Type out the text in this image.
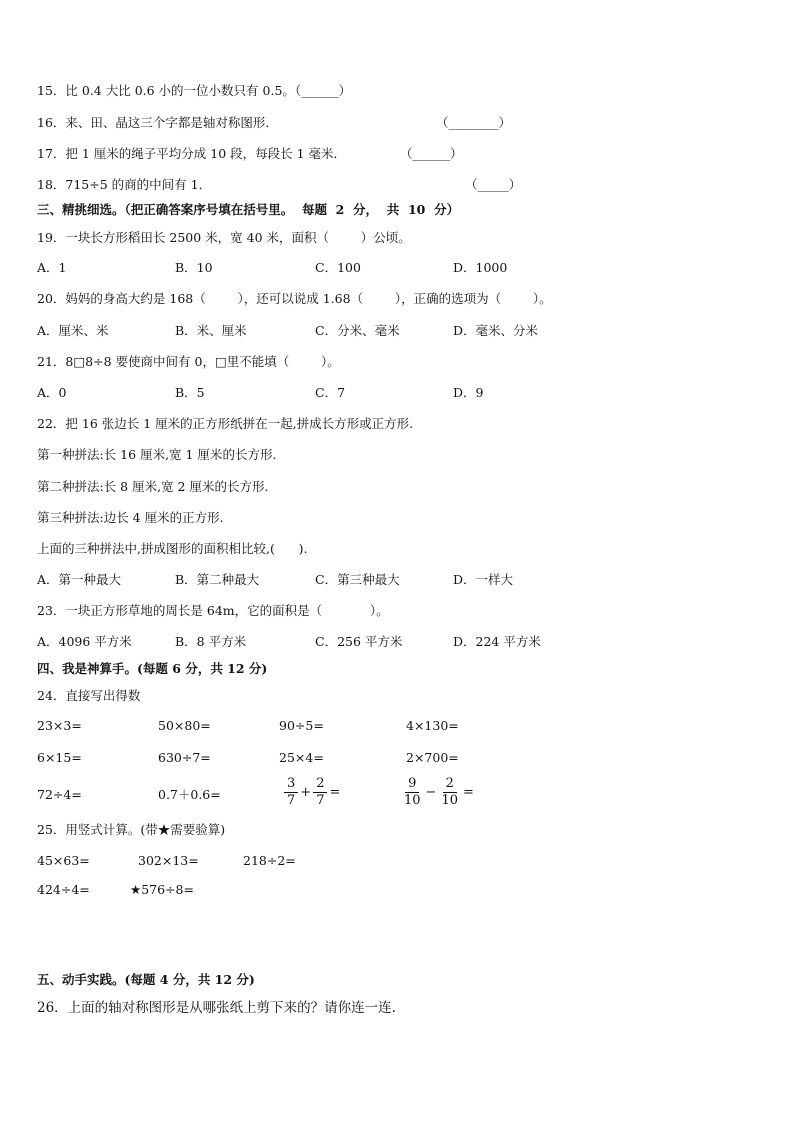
15．比 0.4 大比 0.6 小的一位小数只有 0.5。（______）
16．来、田、晶这三个字都是轴对称图形．	（________）
17．把 1 厘米的绳子平均分成 10 段，每段长 1 毫米．	（______）
18．715÷5 的商的中间有 1．	（_____）
三、精挑细选。（把正确答案序号填在括号里。  每题  2  分，  共  10  分）
19．一块长方形稻田长 2500 米，宽 40 米，面积（        ）公顷。
A．1	B．10	C．100	D．1000
20．妈妈的身高大约是 168（        ），还可以说成 1.68（        ），正确的选项为（        ）。
A．厘米、米	B．米、厘米	C．分米、毫米	D．毫米、分米
21．8□8÷8 要使商中间有 0，□里不能填（        ）。
A．0	B．5	C．7	D．9
22．把 16 张边长 1 厘米的正方形纸拼在一起,拼成长方形或正方形.
第一种拼法:长 16 厘米,宽 1 厘米的长方形.
第二种拼法:长 8 厘米,宽 2 厘米的长方形.
第三种拼法:边长 4 厘米的正方形.
上面的三种拼法中,拼成图形的面积相比较,(      ).
A．第一种最大	B．第二种最大	C．第三种最大	D．一样大
23．一块正方形草地的周长是 64m，它的面积是（            ）。
A．4096 平方米	B．8 平方米	C．256 平方米	D．224 平方米
四、我是神算手。(每题 6 分，共 12 分)
24．直接写出得数
23×3=	50×80=	90÷5=	4×130=
6×15=	630÷7=	25×4=	2×700=
72÷4=	0.7＋0.6=	$\frac{3}{7} + \frac{2}{7}$ =	$\frac{9}{10} - \frac{2}{10}$ =
25．用竖式计算。(带★需要验算)
45×63=	302×13=	218÷2=
424÷4=	★576÷8=
五、动手实践。(每题 4 分，共 12 分)
26．上面的轴对称图形是从哪张纸上剪下来的？请你连一连.
